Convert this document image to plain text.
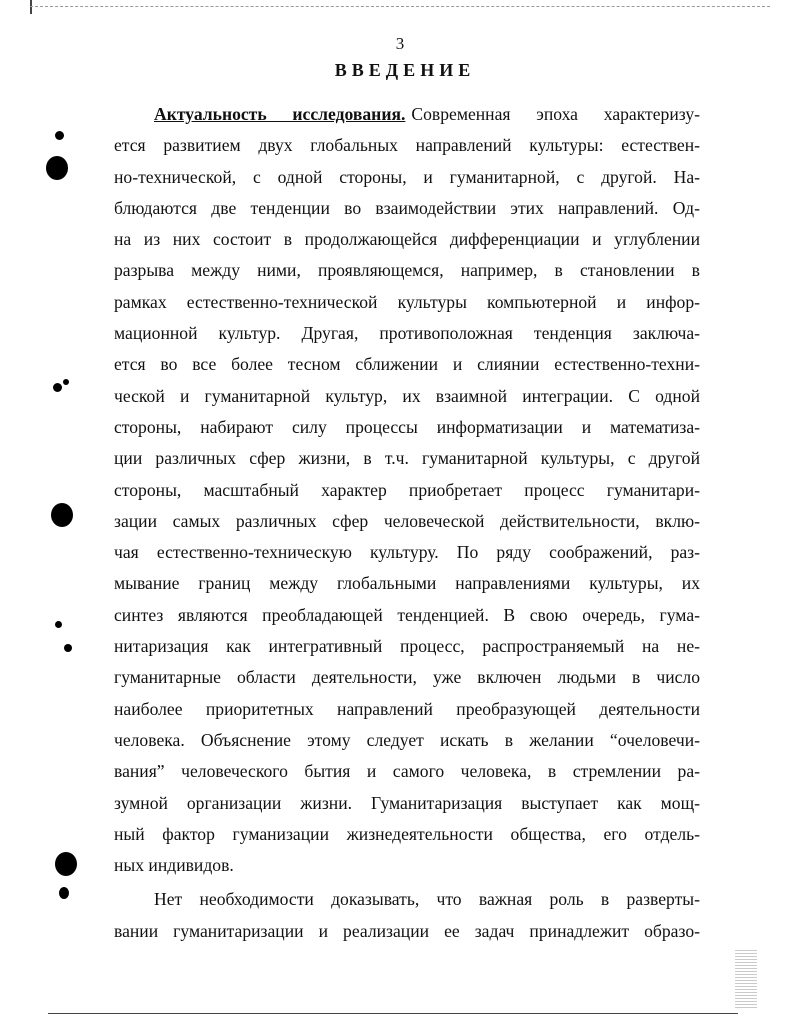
3
ВВЕДЕНИЕ
Актуальность исследования. Современная эпоха характеризу-
ется развитием двух глобальных направлений культуры: естествен-
но-технической, с одной стороны, и гуманитарной, с другой. На-
блюдаются две тенденции во взаимодействии этих направлений. Од-
на из них состоит в продолжающейся дифференциации и углублении
разрыва между ними, проявляющемся, например, в становлении в
рамках естественно-технической культуры компьютерной и инфор-
мационной культур. Другая, противоположная тенденция заключа-
ется во все более тесном сближении и слиянии естественно-техни-
ческой и гуманитарной культур, их взаимной интеграции. С одной
стороны, набирают силу процессы информатизации и математиза-
ции различных сфер жизни, в т.ч. гуманитарной культуры, с другой
стороны, масштабный характер приобретает процесс гуманитари-
зации самых различных сфер человеческой действительности, вклю-
чая естественно-техническую культуру. По ряду соображений, раз-
мывание границ между глобальными направлениями культуры, их
синтез являются преобладающей тенденцией. В свою очередь, гума-
нитаризация как интегративный процесс, распространяемый на не-
гуманитарные области деятельности, уже включен людьми в число
наиболее приоритетных направлений преобразующей деятельности
человека. Объяснение этому следует искать в желании “очеловечи-
вания” человеческого бытия и самого человека, в стремлении ра-
зумной организации жизни. Гуманитаризация выступает как мощ-
ный фактор гуманизации жизнедеятельности общества, его отдель-
ных индивидов.
Нет необходимости доказывать, что важная роль в разверты-
вании гуманитаризации и реализации ее задач принадлежит образо-
